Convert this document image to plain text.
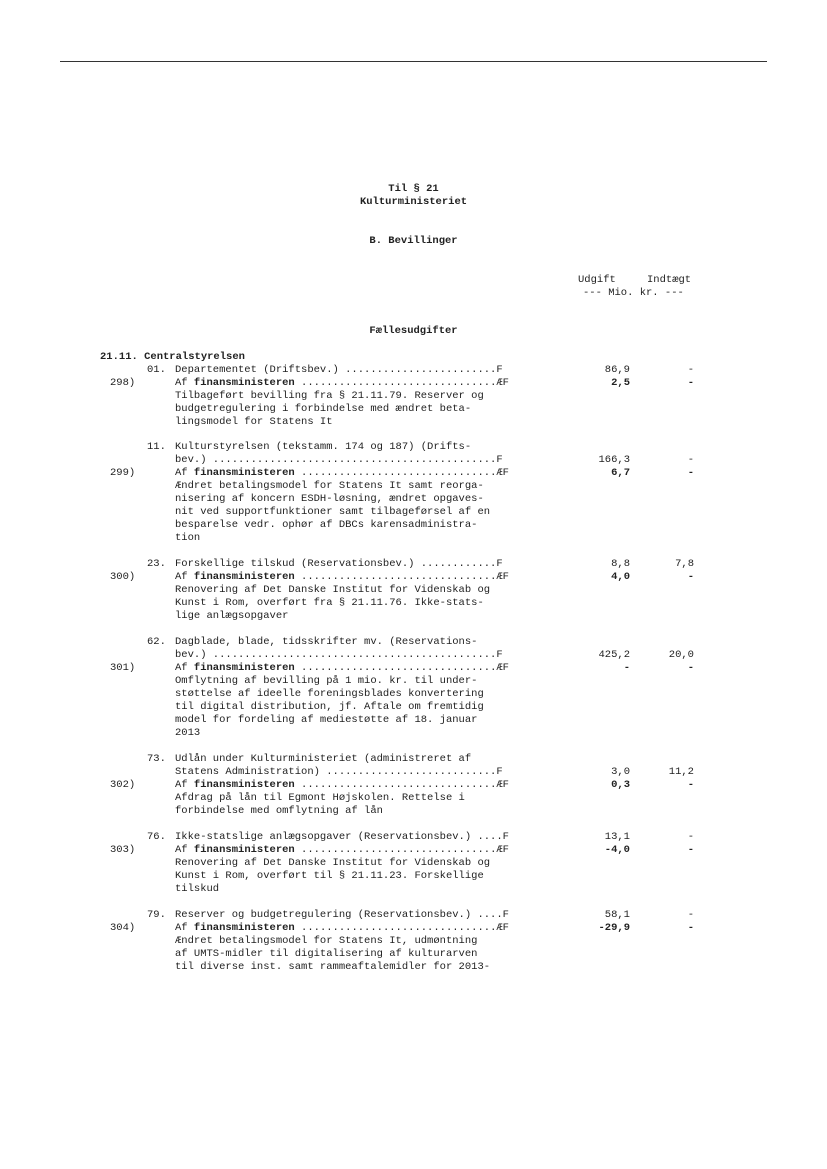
Til § 21
Kulturministeriet
B. Bevillinger
Udgift	Indtægt
--- Mio. kr. ---
Fællesudgifter
21.11. Centralstyrelsen
01. Departementet (Driftsbev.) ........................F	86,9	-
298)	Af finansministeren ...............................ÆF	2,5	-
Tilbageført bevilling fra § 21.11.79. Reserver og
budgetregulering i forbindelse med ændret beta-
lingsmodel for Statens It
11. Kulturstyrelsen (tekstamm. 174 og 187) (Drifts-
bev.) .............................................F	166,3	-
299)	Af finansministeren ...............................ÆF	6,7	-
Ændret betalingsmodel for Statens It samt reorga-
nisering af koncern ESDH-løsning, ændret opgaves-
nit ved supportfunktioner samt tilbageførsel af en
besparelse vedr. ophør af DBCs karensadministra-
tion
23. Forskellige tilskud (Reservationsbev.) ............F	8,8	7,8
300)	Af finansministeren ...............................ÆF	4,0	-
Renovering af Det Danske Institut for Videnskab og
Kunst i Rom, overført fra § 21.11.76. Ikke-stats-
lige anlægsopgaver
62. Dagblade, blade, tidsskrifter mv. (Reservations-
bev.) .............................................F	425,2	20,0
301)	Af finansministeren ...............................ÆF	-	-
Omflytning af bevilling på 1 mio. kr. til under-
støttelse af ideelle foreningsblades konvertering
til digital distribution, jf. Aftale om fremtidig
model for fordeling af mediestøtte af 18. januar
2013
73. Udlån under Kulturministeriet (administreret af
Statens Administration) ...........................F	3,0	11,2
302)	Af finansministeren ...............................ÆF	0,3	-
Afdrag på lån til Egmont Højskolen. Rettelse i
forbindelse med omflytning af lån
76. Ikke-statslige anlægsopgaver (Reservationsbev.) ....F	13,1	-
303)	Af finansministeren ...............................ÆF	-4,0	-
Renovering af Det Danske Institut for Videnskab og
Kunst i Rom, overført til § 21.11.23. Forskellige
tilskud
79. Reserver og budgetregulering (Reservationsbev.) ....F	58,1	-
304)	Af finansministeren ...............................ÆF	-29,9	-
Ændret betalingsmodel for Statens It, udmøntning
af UMTS-midler til digitalisering af kulturarven
til diverse inst. samt rammeaftalemidler for 2013-
